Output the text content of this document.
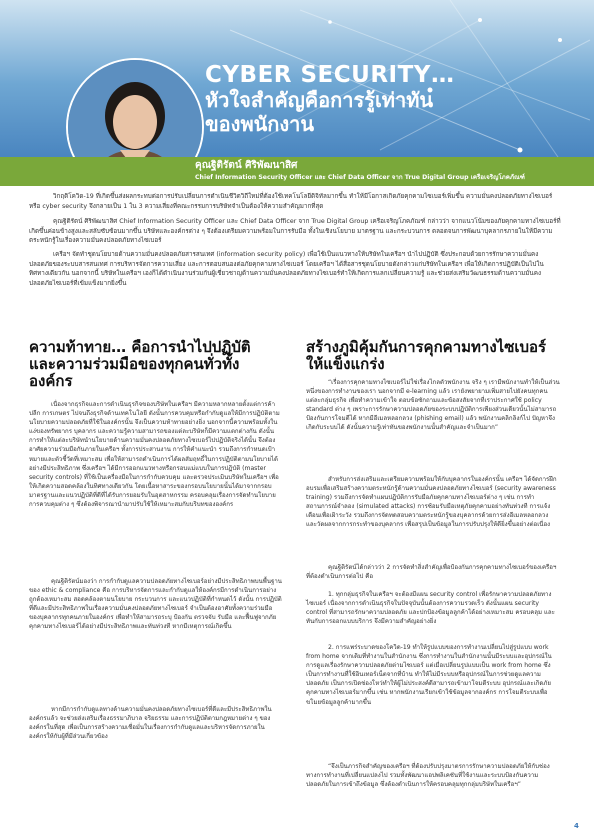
CYBER SECURITY…
หัวใจสำคัญคือการรู้เท่าทันของพนักงาน
คุณฐิติรัตน์ ศิริพัฒนาสิศ
Chief Information Security Officer และ Chief Data Officer จาก True Digital Group เครือเจริญโภคภัณฑ์

วิกฤติโควิด-19 ที่เกิดขึ้นส่งผลกระทบต่อการปรับเปลี่ยนการดำเนินชีวิตวิถีใหม่ที่ต้องใช้เทคโนโลยีดิจิทัลมากขึ้น ทำให้มีโอกาสเกิดภัยคุกคามไซเบอร์เพิ่มขึ้น ความมั่นคงปลอดภัยทางไซเบอร์ หรือ cyber security จึงกลายเป็น 1 ใน 3 ความเสี่ยงที่คณะกรรมการบริษัทจำเป็นต้องให้ความสำคัญมากที่สุด

คุณฐิติรัตน์ ศิริพัฒนาสิศ Chief Information Security Officer และ Chief Data Officer จาก True Digital Group เครือเจริญโภคภัณฑ์ กล่าวว่า จากแนวโน้มของภัยคุกคามทางไซเบอร์ที่เกิดขึ้นค่อนข้างสูงและสลับซับซ้อนมากขึ้น บริษัทและองค์กรต่าง ๆ จึงต้องเตรียมความพร้อมในการรับมือ ทั้งในเชิงนโยบาย มาตรฐาน และกระบวนการ ตลอดจนการพัฒนาบุคลากรภายในให้มีความตระหนักรู้ในเรื่องความมั่นคงปลอดภัยทางไซเบอร์

เครือฯ จัดทำชุดนโยบายด้านความมั่นคงปลอดภัยสารสนเทศ (information security policy) เพื่อใช้เป็นแนวทางให้บริษัทในเครือฯ นำไปปฏิบัติ ซึ่งประกอบด้วยการรักษาความมั่นคงปลอดภัยของระบบสารสนเทศ การบริหารจัดการความเสี่ยง และการตอบสนองต่อภัยคุกคามทางไซเบอร์ โดยเครือฯ ได้สื่อสารชุดนโยบายดังกล่าวแก่บริษัทในเครือฯ เพื่อให้เกิดการปฏิบัติเป็นไปในทิศทางเดียวกัน นอกจากนี้ บริษัทในเครือฯ เองก็ได้ดำเนินงานร่วมกันผู้เชี่ยวชาญด้านความมั่นคงปลอดภัยทางไซเบอร์ทำให้เกิดการแลกเปลี่ยนความรู้ และช่วยส่งเสริมวัฒนธรรมด้านความมั่นคงปลอดภัยไซเบอร์ที่เข้มแข็งมากยิ่งขึ้น

ความท้าทาย… คือการนำไปปฏิบัติและความร่วมมือของทุกคนทั่วทั้งองค์กร

เนื่องจากธุรกิจและการดำเนินธุรกิจของบริษัทในเครือฯ มีความหลากหลายตั้งแต่การค้าปลีก การเกษตร ไปจนถึงธุรกิจด้านเทคโนโลยี ดังนั้นการควบคุมหรือกำกับดูแลให้มีการปฏิบัติตามนโยบายความปลอดภัยที่ใช้ในองค์กรนั้น จึงเป็นความท้าทายอย่างยิ่ง นอกจากนี้ความพร้อมทั้งในแง่ของทรัพยากร บุคลากร และความรู้ความสามารถของแต่ละบริษัทก็มีความแตกต่างกัน ดังนั้นการทำให้แต่ละบริษัทนำนโยบายด้านความมั่นคงปลอดภัยทางไซเบอร์ไปปฏิบัติจริงได้นั้น จึงต้องอาศัยความร่วมมือกันภายในเครือฯ ทั้งการประสานงาน การให้คำแนะนำ รวมถึงการกำหนดเป้าหมายและตัวชี้วัดที่เหมาะสม เพื่อให้สามารถดำเนินการได้ผลสัมฤทธิ์ในการปฏิบัติตามนโยบายได้อย่างมีประสิทธิภาพ ซึ่งเครือฯ ได้มีการออกแนวทางหรือกรอบแม่แบบในการปฏิบัติ (master security controls) ที่ใช้เป็นเครื่องมือในการกำกับควบคุม และตรวจประเมินบริษัทในเครือฯ เพื่อให้เกิดความสอดคล้องในทิศทางเดียวกัน โดยเนื้อหาสาระของกรอบนโยบายนั้นได้มาจากกรอบมาตรฐานและแนวปฏิบัติที่ดีที่ได้รับการยอมรับในอุตสาหกรรม ครอบคลุมเรื่องการจัดทำนโยบาย การควบคุมต่าง ๆ ซึ่งต้องพิจารณานำมาปรับใช้ให้เหมาะสมกับบริบทขององค์กร

คุณฐิติรัตน์มองว่า การกำกับดูแลความปลอดภัยทางไซเบอร์อย่างมีประสิทธิภาพบนพื้นฐานของ ethic & compliance คือ การบริหารจัดการและกำกับดูแลให้องค์กรมีการดำเนินการอย่างถูกต้องเหมาะสม สอดคล้องตามนโยบาย กระบวนการ และแนวปฏิบัติที่กำหนดไว้ ดังนั้น การปฏิบัติที่ดีและมีประสิทธิภาพในเรื่องความมั่นคงปลอดภัยทางไซเบอร์ จำเป็นต้องอาศัยทั้งความร่วมมือของบุคลากรทุกคนภายในองค์กร เพื่อทำให้สามารถระบุ ป้องกัน ตรวจจับ รับมือ และฟื้นฟูจากภัยคุกคามทางไซเบอร์ได้อย่างมีประสิทธิภาพและทันท่วงที หากมีเหตุการณ์เกิดขึ้น

หากมีการกำกับดูแลทางด้านความมั่นคงปลอดภัยทางไซเบอร์ที่ดีและมีประสิทธิภาพในองค์กรแล้ว จะช่วยส่งเสริมเรื่องธรรมาภิบาล จริยธรรม และการปฏิบัติตามกฎหมายต่าง ๆ ขององค์กรในที่สุด เพื่อเป็นการสร้างความเชื่อมั่นในเรื่องการกำกับดูแลและบริหารจัดการภายในองค์กรให้กับผู้ที่มีส่วนเกี่ยวข้อง

สร้างภูมิคุ้มกันการคุกคามทางไซเบอร์ให้แข็งแกร่ง

“เรื่องการคุกคามทางไซเบอร์ไม่ใช่เรื่องไกลตัวพนักงาน จริง ๆ เรามีพนักงานทำให้เป็นส่วนหนึ่งของการทำงานของเรา นอกจากมี e-learning แล้ว เรายังพยายามเพิ่มสายไปยังคนทุกคนแต่ละกลุ่มธุรกิจ เพื่อทำความเข้าใจ ตอบข้อซักถามและข้อสงสัยจากที่เราประกาศใช้ policy standard ต่าง ๆ เพราะการรักษาความปลอดภัยของระบบปฏิบัติการเพียงส่วนเดียวนั้นไม่สามารถป้องกันการโจมตีได้ หากมีอีเมลหลอกลวง (phishing email) แล้ว พนักงานคลิกลิงก์ไป ปัญหาจึงเกิดกับระบบได้ ดังนั้นความรู้เท่าทันของพนักงานนั้นสำคัญและจำเป็นมาก”

สำหรับการส่งเสริมและเตรียมความพร้อมให้กับบุคลากรในองค์กรนั้น เครือฯ ได้จัดการฝึกอบรมเพื่อเสริมสร้างความตระหนักรู้ด้านความมั่นคงปลอดภัยทางไซเบอร์ (security awareness training) รวมถึงการจัดทำแผนปฏิบัติการรับมือภัยคุกคามทางไซเบอร์ต่าง ๆ เช่น การทำสถานการณ์จำลอง (simulated attacks) การซ้อมรับมือเหตุภัยคุกคามอย่างทันท่วงที การแจ้งเตือนเพื่อเฝ้าระวัง รวมถึงการจัดทดสอบความตระหนักรู้ของบุคลากรด้วยการส่งอีเมลหลอกลวง และวัดผลจากการกระทำของบุคลากร เพื่อสรุปเป็นข้อมูลในการปรับปรุงให้ดียิ่งขึ้นอย่างต่อเนื่อง

คุณฐิติรัตน์ได้กล่าวว่า 2 การจัดทำสิ่งสำคัญเพื่อป้องกันการคุกคามทางไซเบอร์ของเครือฯ ที่ต้องดำเนินการต่อไป คือ

1. ทุกกลุ่มธุรกิจในเครือฯ จะต้องมีแผน security control เพื่อรักษาความปลอดภัยทางไซเบอร์ เนื่องจากการดำเนินธุรกิจในปัจจุบันนั้นต้องการความรวดเร็ว ดังนั้นแผน security control ที่สามารถรักษาความปลอดภัย และปกป้องข้อมูลลูกค้าได้อย่างเหมาะสม ครอบคลุม และทันกับการออกแบบบริการ จึงมีความสำคัญอย่างยิ่ง

2. การแพร่ระบาดของโควิด-19 ทำให้รูปแบบของการทำงานเปลี่ยนไปสู่รูปแบบ work from home จากเดิมที่ทำงานในสำนักงาน ซึ่งการทำงานในสำนักงานนั้นมีระบบและอุปกรณ์ในการดูแลเรื่องรักษาความปลอดภัยต่ามไซเบอร์ แต่เมื่อเปลี่ยนรูปแบบเป็น work from home ซึ่งเป็นการทำงานที่ใช้อินเทอร์เน็ตจากที่บ้าน ทำให้ไม่มีระบบหรืออุปกรณ์ในการช่วยดูแลความปลอดภัย เป็นการเปิดช่องโหว่ทำให้ผู้ไม่ประสงค์ดีสามารถเข้ามาโจมตีระบบ อุปกรณ์และเกิดภัยคุกคามทางไซเบอร์มากขึ้น เช่น หากพนักงานเรียกเข้าใช้ข้อมูลจากองค์กร การโจมตีระบบเพื่อขโมยข้อมูลลูกค้ามากขึ้น

“จึงเป็นภารกิจสำคัญของเครือฯ ที่ต้องปรับปรุงมาตรการรักษาความปลอดภัยให้กับช่องทางการทำงานที่เปลี่ยนแปลงไป รวมทั้งพัฒนาแอปพลิเคชันที่ใช้งานและระบบป้องกันความปลอดภัยในการเข้าถึงข้อมูล ซึ่งต้องดำเนินการให้ครอบคลุมทุกกลุ่มบริษัทในเครือฯ”

4
